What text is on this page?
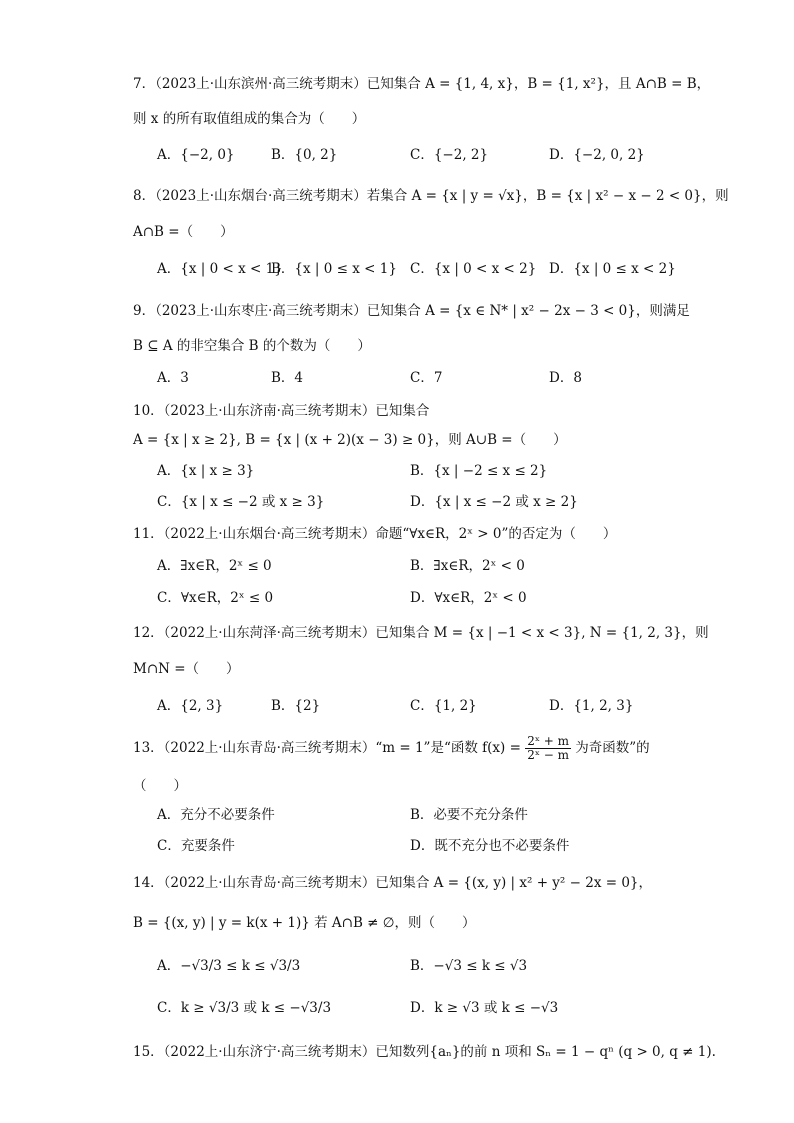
7．（2023上·山东滨州·高三统考期末）已知集合 A = {1, 4, x}，B = {1, x²}，且 A∩B = B，
则 x 的所有取值组成的集合为（　　）
A．{−2, 0}	B．{0, 2}	C．{−2, 2}	D．{−2, 0, 2}
8．（2023上·山东烟台·高三统考期末）若集合 A = {x | y = √x}，B = {x | x² − x − 2 < 0}，则
A∩B =（　　）
A．{x | 0 < x < 1}
B．{x | 0 ≤ x < 1} C．{x | 0 < x < 2} D．{x | 0 ≤ x < 2}
9．（2023上·山东枣庄·高三统考期末）已知集合 A = {x ∈ N* | x² − 2x − 3 < 0}，则满足
B ⊆ A 的非空集合 B 的个数为（　　）
A．3	B．4	C．7	D．8
10．（2023上·山东济南·高三统考期末）已知集合
A = {x | x ≥ 2}, B = {x | (x + 2)(x − 3) ≥ 0}，则 A∪B =（　　）
A．{x | x ≥ 3}	B．{x | −2 ≤ x ≤ 2}
C．{x | x ≤ −2 或 x ≥ 3}	D．{x | x ≤ −2 或 x ≥ 2}
11．（2022上·山东烟台·高三统考期末）命题“∀x∈R，2ˣ > 0”的否定为（　　）
A．∃x∈R，2ˣ ≤ 0	B．∃x∈R，2ˣ < 0
C．∀x∈R，2ˣ ≤ 0	D．∀x∈R，2ˣ < 0
12．（2022上·山东菏泽·高三统考期末）已知集合 M = {x | −1 < x < 3}, N = {1, 2, 3}，则
M∩N =（　　）
A．{2, 3}	B．{2}	C．{1, 2}	D．{1, 2, 3}
13．（2022上·山东青岛·高三统考期末）“m = 1”是“函数 $f(x) = \frac{\text{2ˣ + m}}{\text{2ˣ − m}}$ 为奇函数”的
（　　）
A．充分不必要条件	B．必要不充分条件
C．充要条件	D．既不充分也不必要条件
14．（2022上·山东青岛·高三统考期末）已知集合 A = {(x, y) | x² + y² − 2x = 0}，
B = {(x, y) | y = k(x + 1)} 若 A∩B ≠ ∅，则（　　）
A．−√3/3 ≤ k ≤ √3/3	B．−√3 ≤ k ≤ √3
C．k ≥ √3/3 或 k ≤ −√3/3	D．k ≥ √3 或 k ≤ −√3
15．（2022上·山东济宁·高三统考期末）已知数列{aₙ}的前 n 项和 Sₙ = 1 − qⁿ (q > 0, q ≠ 1).
